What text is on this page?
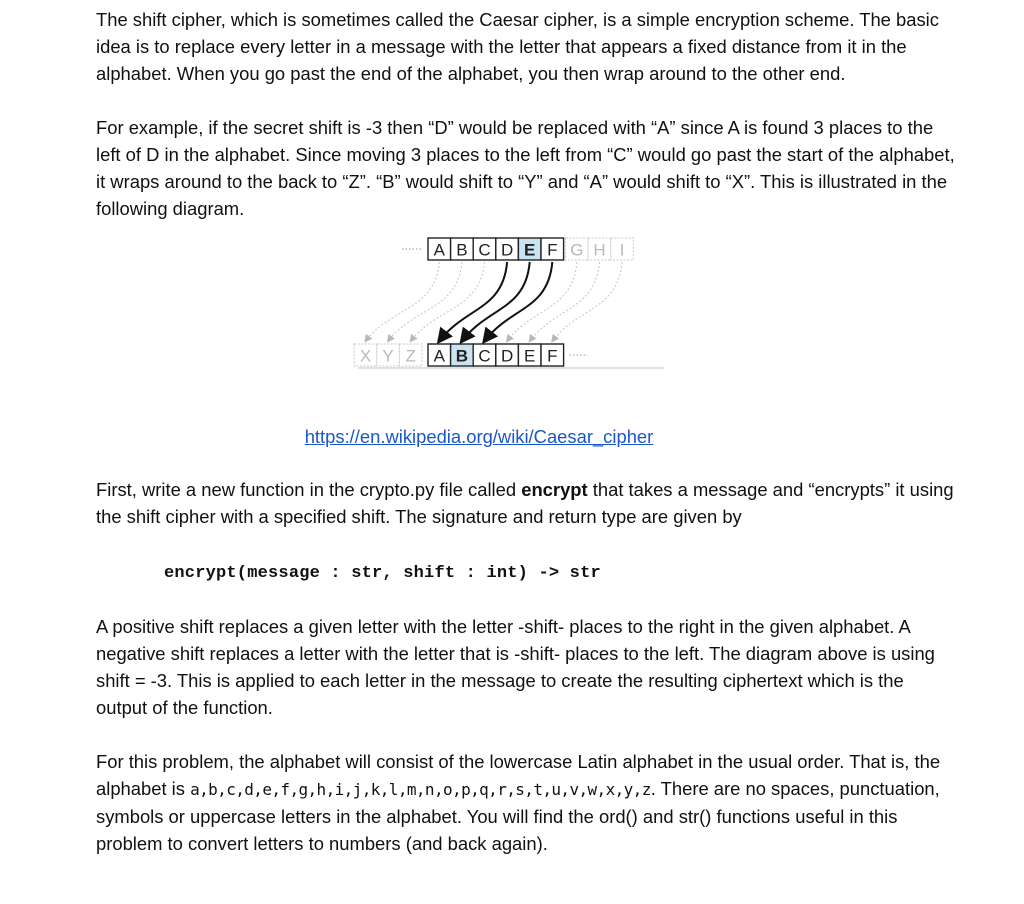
The shift cipher, which is sometimes called the Caesar cipher, is a simple encryption scheme. The basic idea is to replace every letter in a message with the letter that appears a fixed distance from it in the alphabet. When you go past the end of the alphabet, you then wrap around to the other end.

For example, if the secret shift is -3 then “D” would be replaced with “A” since A is found 3 places to the left of D in the alphabet. Since moving 3 places to the left from “C” would go past the start of the alphabet, it wraps around to the back to “Z”. “B” would shift to “Y” and “A” would shift to “X”. This is illustrated in the following diagram.

A B C D E F G H I
X Y Z A B C D E F
https://en.wikipedia.org/wiki/Caesar_cipher

First, write a new function in the crypto.py file called encrypt that takes a message and “encrypts” it using the shift cipher with a specified shift. The signature and return type are given by

encrypt(message : str, shift : int) -> str

A positive shift replaces a given letter with the letter -shift- places to the right in the given alphabet. A negative shift replaces a letter with the letter that is -shift- places to the left. The diagram above is using shift = -3. This is applied to each letter in the message to create the resulting ciphertext which is the output of the function.

For this problem, the alphabet will consist of the lowercase Latin alphabet in the usual order. That is, the alphabet is a,b,c,d,e,f,g,h,i,j,k,l,m,n,o,p,q,r,s,t,u,v,w,x,y,z. There are no spaces, punctuation, symbols or uppercase letters in the alphabet. You will find the ord() and str() functions useful in this problem to convert letters to numbers (and back again).
